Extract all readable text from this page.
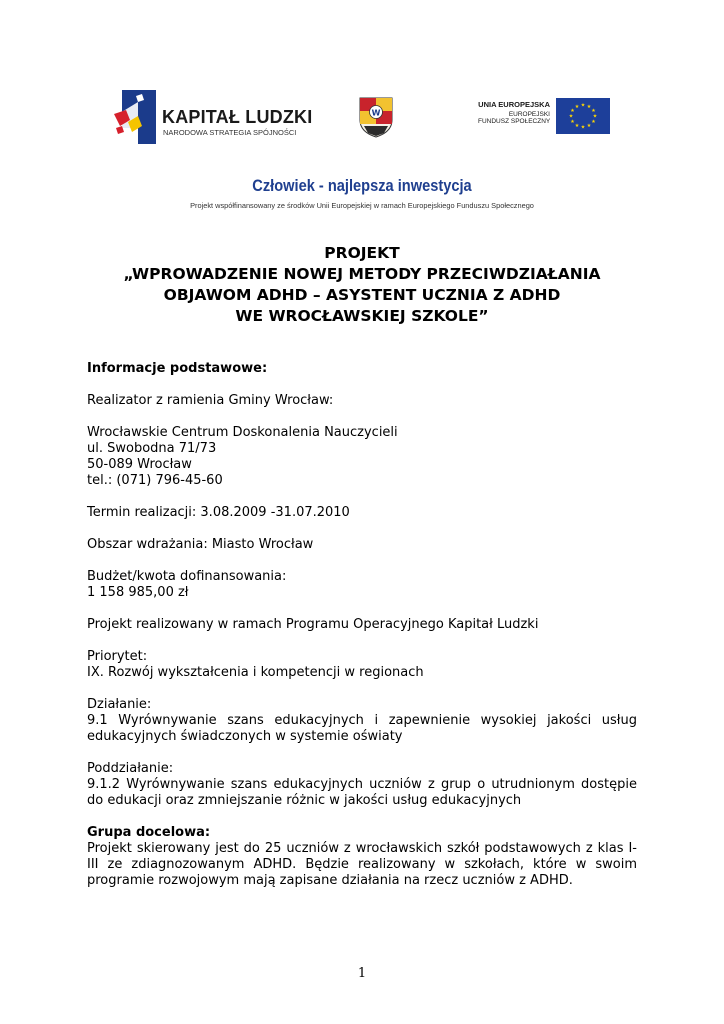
KAPITAŁ LUDZKI
NARODOWA STRATEGIA SPÓJNOŚCI
W
UNIA EUROPEJSKA
EUROPEJSKI
FUNDUSZ SPOŁECZNY
★ ★
★
★
★
★
★
★
★
★
★
★
Człowiek - najlepsza inwestycja
Projekt współfinansowany ze środków Unii Europejskiej w ramach Europejskiego Funduszu Społecznego
PROJEKT
„WPROWADZENIE NOWEJ METODY PRZECIWDZIAŁANIA
OBJAWOM ADHD – ASYSTENT UCZNIA Z ADHD
WE WROCŁAWSKIEJ SZKOLE”

Informacje podstawowe:

Realizator z ramienia Gminy Wrocław:

Wrocławskie Centrum Doskonalenia Nauczycieli
ul. Swobodna 71/73
50-089 Wrocław

tel.: (071) 796-45-60

Termin realizacji: 3.08.2009 -31.07.2010

Obszar wdrażania: Miasto Wrocław

Budżet/kwota dofinansowania:

1 158 985,00 zł

Projekt realizowany w ramach Programu Operacyjnego Kapitał Ludzki

Priorytet:

IX. Rozwój wykształcenia i kompetencji w regionach

Działanie:

9.1 Wyrównywanie szans edukacyjnych i zapewnienie wysokiej jakości usług edukacyjnych świadczonych w systemie oświaty

Poddziałanie:

9.1.2 Wyrównywanie szans edukacyjnych uczniów z grup o utrudnionym dostępie do edukacji oraz zmniejszanie różnic w jakości usług edukacyjnych

Grupa docelowa:

Projekt skierowany jest do 25 uczniów z wrocławskich szkół podstawowych z klas I-III ze zdiagnozowanym ADHD. Będzie realizowany w szkołach, które w swoim programie rozwojowym mają zapisane działania na rzecz uczniów z ADHD.

1
